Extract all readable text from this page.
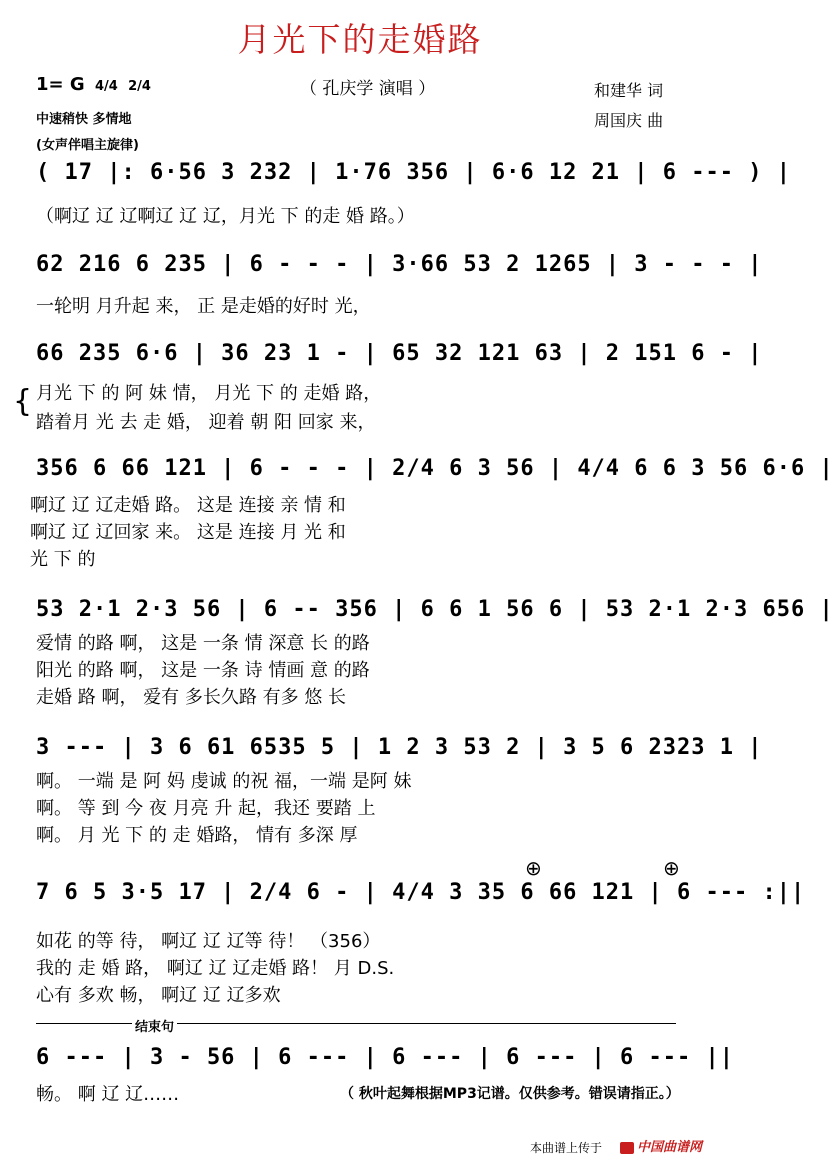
月光下的走婚路
1= G 4/4 2/4	（ 孔庆学 演唱 ）	和建华 词
周国庆 曲
中速稍快 多情地
(女声伴唱主旋律)
( 17 |: 6·56 3 232 | 1·76 356 | 6·6 12 21 | 6 --- ) |
（啊辽 辽 辽啊辽 辽 辽，月光 下 的走 婚 路。）
62 216 6 235 | 6 - - - | 3·66 53 2 1265 | 3 - - - |
一轮明 月升起 来， 正 是走婚的好时 光，
66 235 6·6 | 36 23 1 - | 65 32 121 63 | 2 151 6 - |
{ 月光 下 的 阿 妹 情， 月光 下 的 走婚 路，
踏着月 光 去 走 婚， 迎着 朝 阳 回家 来，
356 6 66 121 | 6 - - - | 2/4 6 3 56 | 4/4 6 6 3 56 6·6 |
啊辽 辽 辽走婚 路。 这是 连接 亲 情 和
啊辽 辽 辽回家 来。 这是 连接 月 光 和
光 下 的
53 2·1 2·3 56 | 6 -- 356 | 6 6 1 56 6 | 53 2·1 2·3 656 |
爱情 的路 啊， 这是 一条 情 深意 长 的路
阳光 的路 啊， 这是 一条 诗 情画 意 的路
走婚 路 啊， 爱有 多长久路 有多 悠 长
3 --- | 3 6 61 6535 5 | 1 2 3 53 2 | 3 5 6 2323 1 |
啊。 一端 是 阿 妈 虔诚 的祝 福，一端 是阿 妹
啊。 等 到 今 夜 月亮 升 起，我还 要踏 上
啊。 月 光 下 的 走 婚路， 情有 多深 厚
⊕	⊕
7 6 5 3·5 17 | 2/4 6 - | 4/4 3 35 6 66 121 | 6 --- :||
如花 的等 待， 啊辽 辽 辽等 待！ （356）
我的 走 婚 路， 啊辽 辽 辽走婚 路！ 月 D.S.
心有 多欢 畅， 啊辽 辽 辽多欢
结束句
6 --- | 3 - 56 | 6 --- | 6 --- | 6 --- | 6 --- ||
畅。 啊 辽 辽……	（ 秋叶起舞根据MP3记谱。仅供参考。错误请指正。）
本曲谱上传于	中国曲谱网
